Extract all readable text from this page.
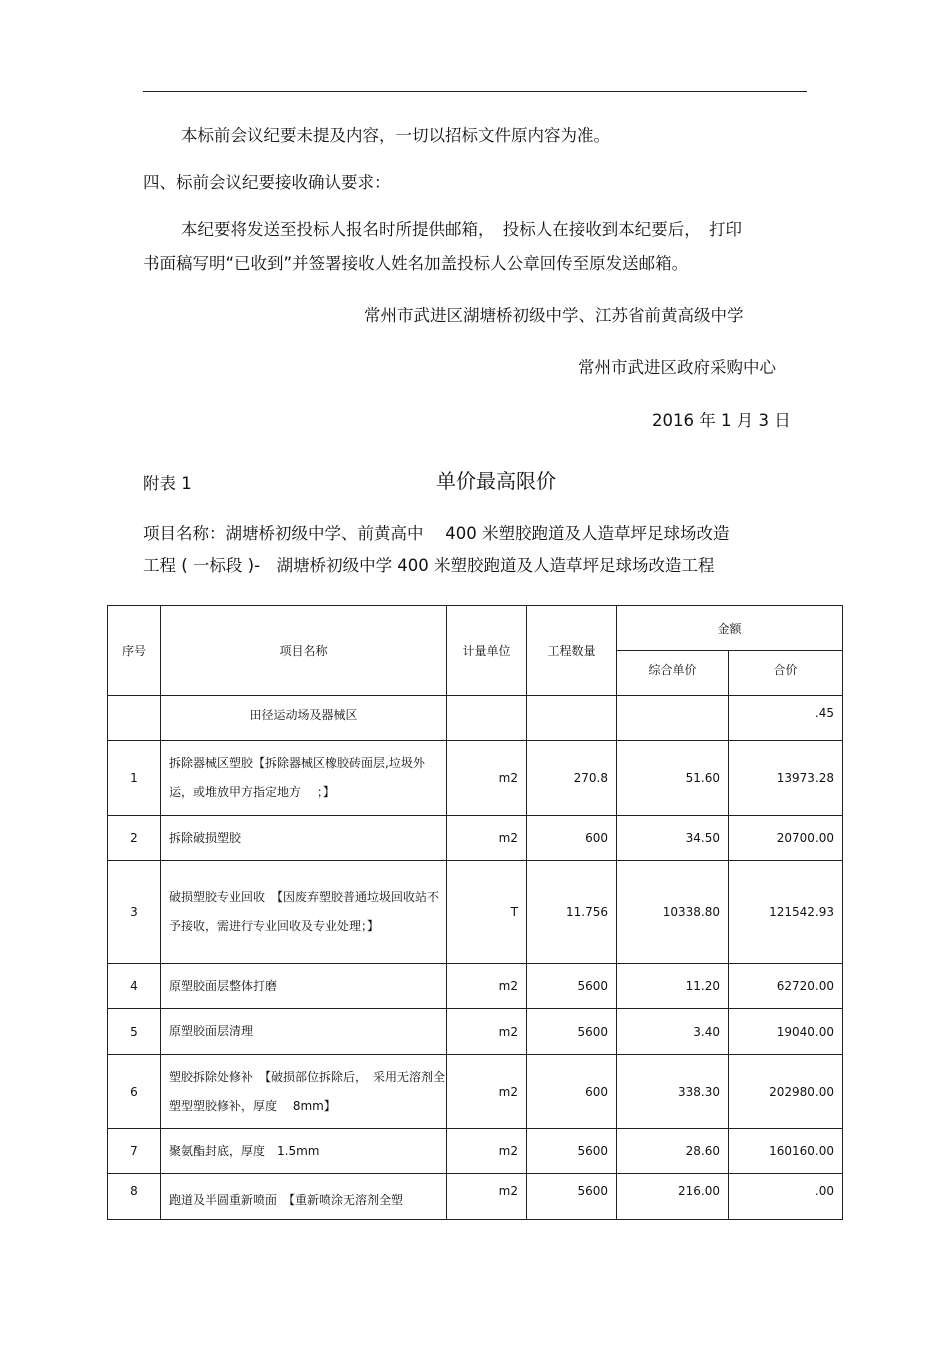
本标前会议纪要未提及内容，一切以招标文件原内容为准。
四、标前会议纪要接收确认要求：
本纪要将发送至投标人报名时所提供邮箱，　投标人在接收到本纪要后，　打印
书面稿写明“已收到”并签署接收人姓名加盖投标人公章回传至原发送邮箱。
常州市武进区湖塘桥初级中学、江苏省前黄高级中学
常州市武进区政府采购中心
2016 年 1 月 3 日
附表 1	单价最高限价
项目名称：湖塘桥初级中学、前黄高中　 400 米塑胶跑道及人造草坪足球场改造
工程 ( 一标段 )-　湖塘桥初级中学 400 米塑胶跑道及人造草坪足球场改造工程
序号	项目名称	计量单位	工程数量	金额	
				综合单价	合价
	田径运动场及器械区				.45
1	拆除器械区塑胶【拆除器械区橡胶砖面层,垃圾外运，或堆放甲方指定地方　 ；】	m2	270.8	51.60	13973.28
2	拆除破损塑胶	m2	600	34.50	20700.00
3	破损塑胶专业回收　【因废弃塑胶普通垃圾回收站不予接收，需进行专业回收及专业处理；】	T	11.756	10338.80	121542.93
4	原塑胶面层整体打磨	m2	5600	11.20	62720.00
5	原塑胶面层清理	m2	5600	3.40	19040.00
6	塑胶拆除处修补　【破损部位拆除后，　采用无溶剂全塑型塑胶修补，厚度　 8mm】	m2	600	338.30	202980.00
7	聚氨酯封底，厚度　1.5mm	m2	5600	28.60	160160.00
8	跑道及半圆重新喷面　【重新喷涂无溶剂全塑	m2	5600	216.00	.00
